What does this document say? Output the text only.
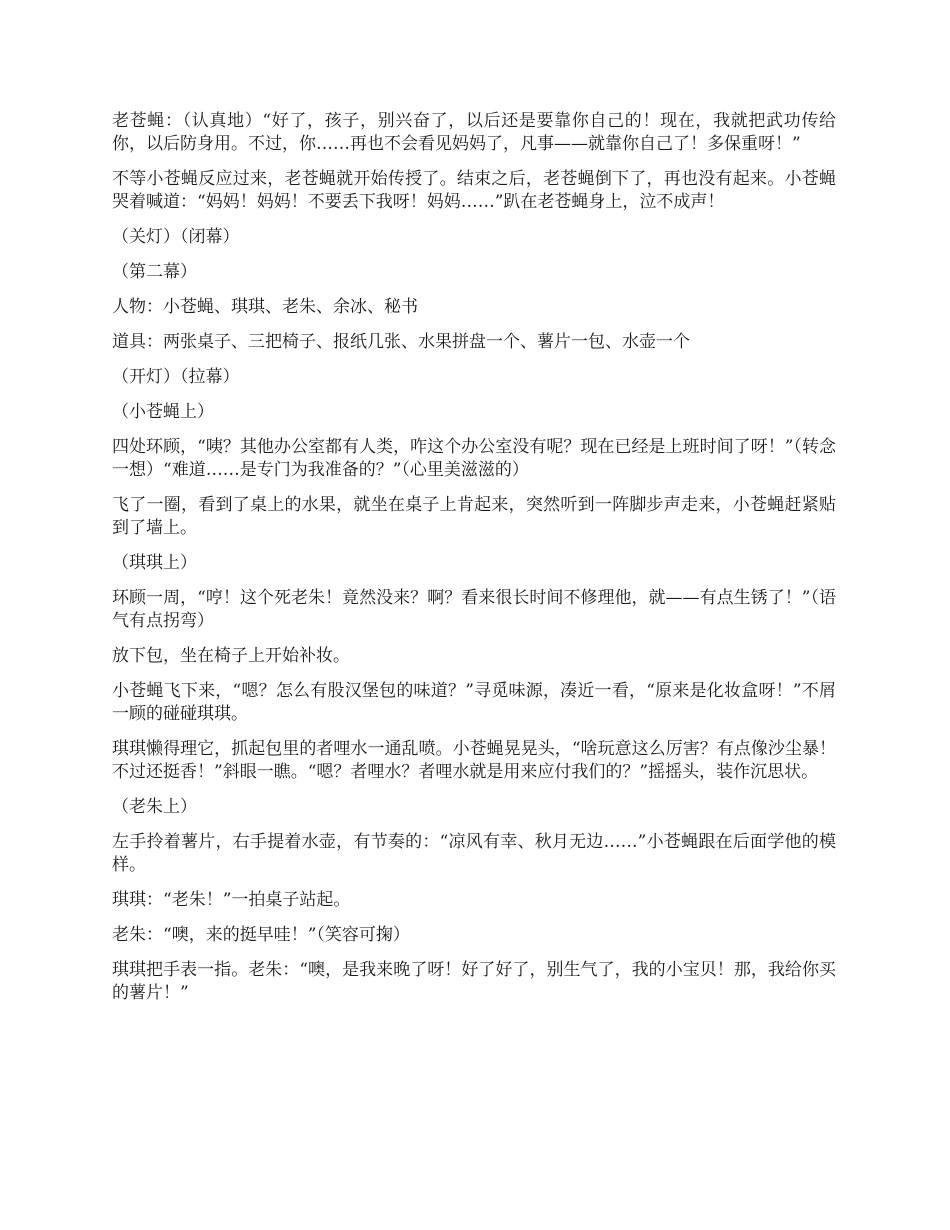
老苍蝇：（认真地）“好了，孩子，别兴奋了，以后还是要靠你自己的！现在，我就把武功传给你，以后防身用。不过，你……再也不会看见妈妈了，凡事——就靠你自己了！多保重呀！”

不等小苍蝇反应过来，老苍蝇就开始传授了。结束之后，老苍蝇倒下了，再也没有起来。小苍蝇哭着喊道：“妈妈！妈妈！不要丢下我呀！妈妈……”趴在老苍蝇身上，泣不成声！

（关灯）（闭幕）

（第二幕）

人物：小苍蝇、琪琪、老朱、余冰、秘书

道具：两张桌子、三把椅子、报纸几张、水果拼盘一个、薯片一包、水壶一个

（开灯）（拉幕）

（小苍蝇上）

四处环顾，“咦？其他办公室都有人类，咋这个办公室没有呢？现在已经是上班时间了呀！”（转念一想）“难道……是专门为我准备的？”（心里美滋滋的）

飞了一圈，看到了桌上的水果，就坐在桌子上肯起来，突然听到一阵脚步声走来，小苍蝇赶紧贴到了墙上。

（琪琪上）

环顾一周，“哼！这个死老朱！竟然没来？啊？看来很长时间不修理他，就——有点生锈了！”（语气有点拐弯）

放下包，坐在椅子上开始补妆。

小苍蝇飞下来，“嗯？怎么有股汉堡包的味道？”寻觅味源，凑近一看，“原来是化妆盒呀！”不屑一顾的碰碰琪琪。

琪琪懒得理它，抓起包里的者哩水一通乱喷。小苍蝇晃晃头，“啥玩意这么厉害？有点像沙尘暴！不过还挺香！”斜眼一瞧。“嗯？者哩水？者哩水就是用来应付我们的？”摇摇头，装作沉思状。

（老朱上）

左手拎着薯片，右手提着水壶，有节奏的：“凉风有幸、秋月无边……”小苍蝇跟在后面学他的模样。

琪琪：“老朱！”一拍桌子站起。

老朱：“噢，来的挺早哇！”（笑容可掬）

琪琪把手表一指。老朱：“噢，是我来晚了呀！好了好了，别生气了，我的小宝贝！那，我给你买的薯片！”
